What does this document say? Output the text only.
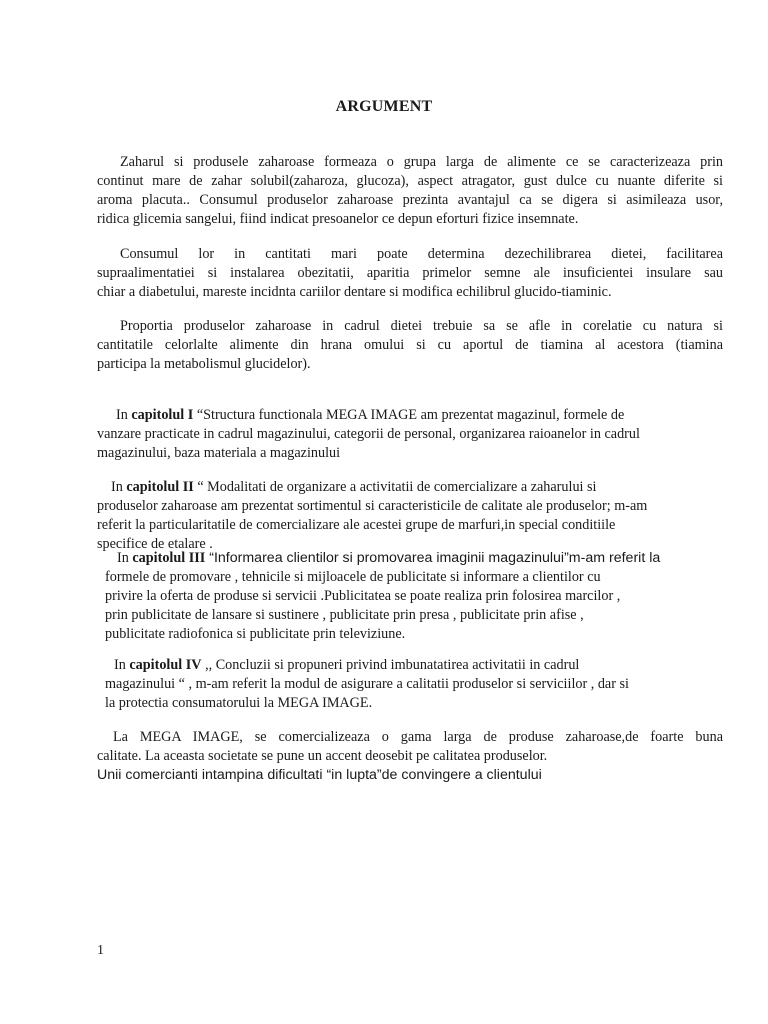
ARGUMENT
Zaharul si produsele zaharoase formeaza o grupa larga de alimente ce se caracterizeaza prin
continut mare de zahar solubil(zaharoza, glucoza), aspect atragator, gust dulce cu nuante diferite si
aroma placuta.. Consumul produselor zaharoase prezinta avantajul ca se digera si asimileaza usor,
ridica glicemia sangelui, fiind indicat presoanelor ce depun eforturi fizice insemnate.
Consumul lor in cantitati mari poate determina dezechilibrarea dietei, facilitarea
supraalimentatiei si instalarea obezitatii, aparitia primelor semne ale insuficientei insulare sau
chiar a diabetului, mareste incidnta cariilor dentare si modifica echilibrul glucido-tiaminic.
Proportia produselor zaharoase in cadrul dietei trebuie sa se afle in corelatie cu natura si
cantitatile celorlalte alimente din hrana omului si cu aportul de tiamina al acestora (tiamina
participa la metabolismul glucidelor).
In capitolul I “Structura functionala MEGA IMAGE am prezentat magazinul, formele de
vanzare practicate in cadrul magazinului, categorii de personal, organizarea raioanelor in cadrul
magazinului, baza materiala a magazinului
In capitolul II “ Modalitati de organizare a activitatii de comercializare a zaharului si
produselor zaharoase am prezentat sortimentul si caracteristicile de calitate ale produselor; m-am
referit la particularitatile de comercializare ale acestei grupe de marfuri,in special conditiile
specifice de etalare .
In capitolul III “Informarea clientilor si promovarea imaginii magazinului”m-am referit la
formele de promovare , tehnicile si mijloacele de publicitate si informare a clientilor cu
privire la oferta de produse si servicii .Publicitatea se poate realiza prin folosirea marcilor ,
prin publicitate de lansare si sustinere , publicitate prin presa , publicitate prin afise ,
publicitate radiofonica si publicitate prin televiziune.
In capitolul IV ,, Concluzii si propuneri privind imbunatatirea activitatii in cadrul
magazinului “ , m-am referit la modul de asigurare a calitatii produselor si serviciilor , dar si
la protectia consumatorului la MEGA IMAGE.
La MEGA IMAGE, se comercializeaza o gama larga de produse zaharoase,de foarte buna
calitate. La aceasta societate se pune un accent deosebit pe calitatea produselor.
Unii comercianti intampina dificultati “in lupta”de convingere a clientului
1
